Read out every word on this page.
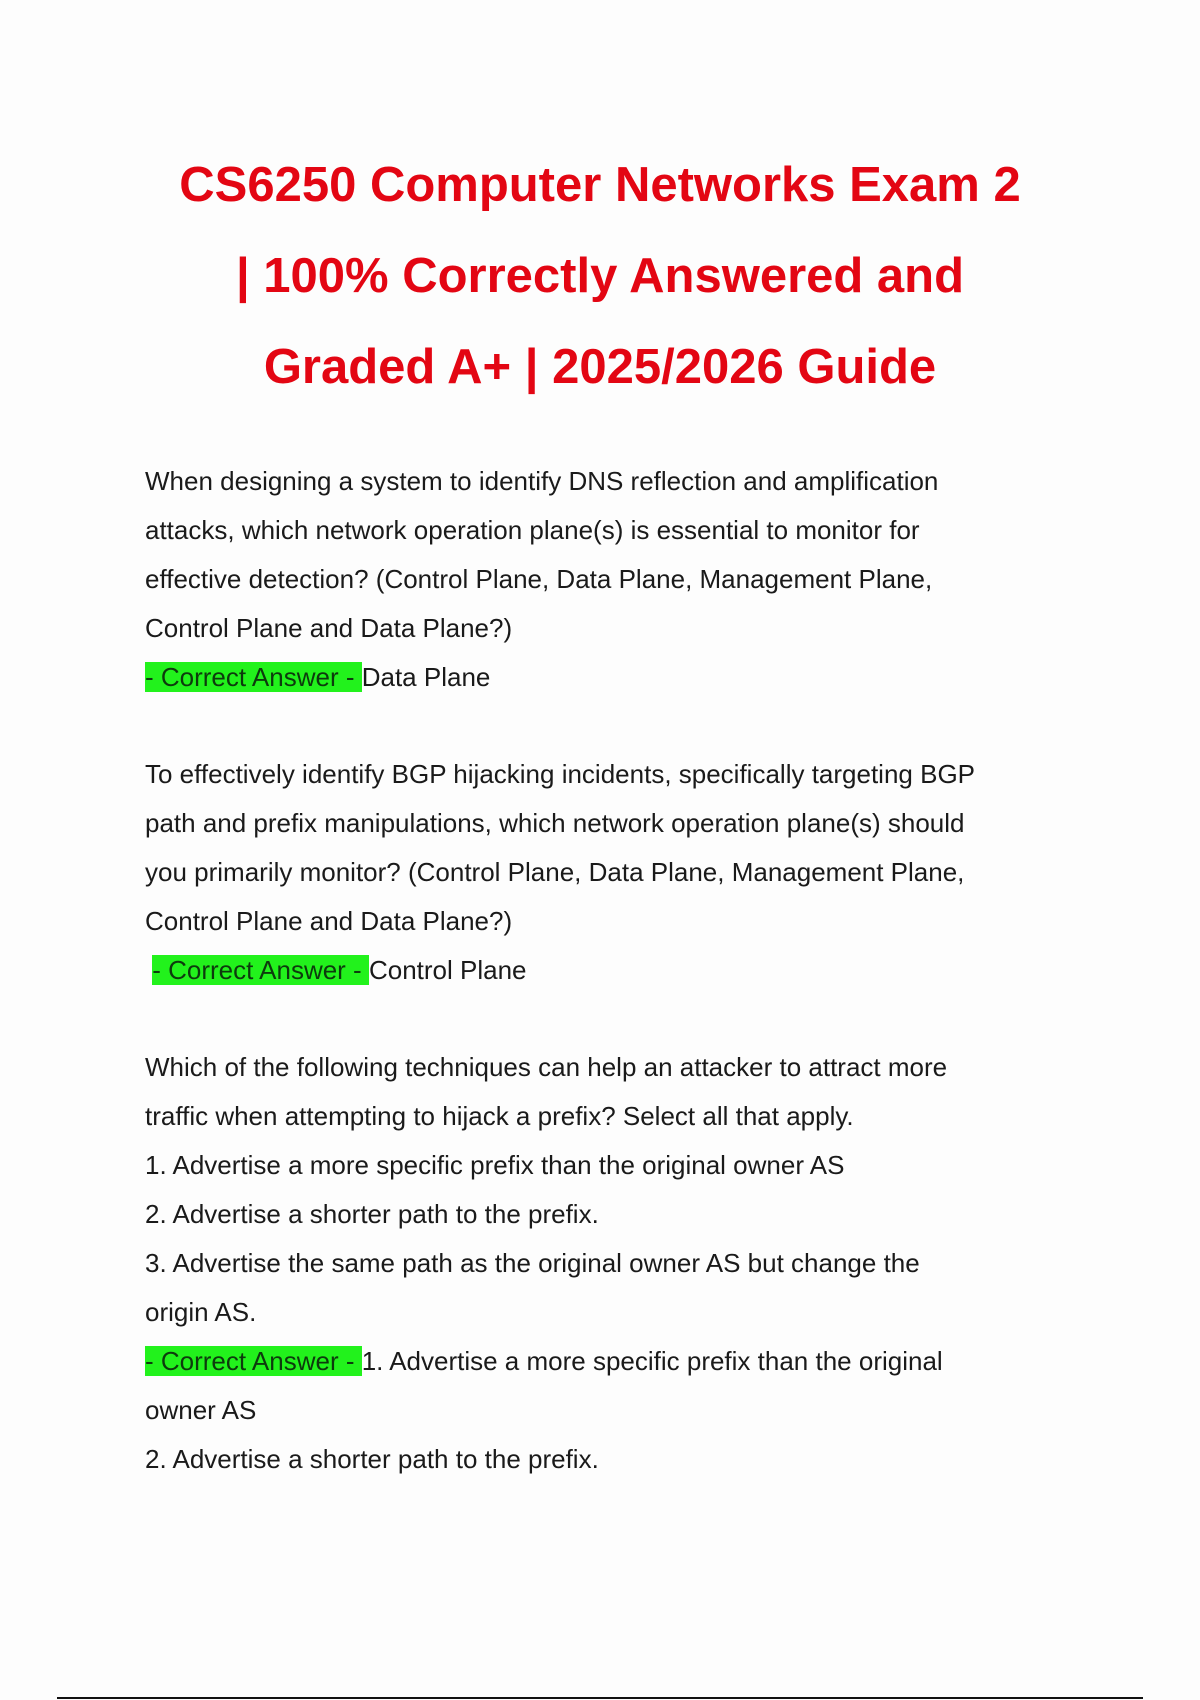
CS6250 Computer Networks Exam 2
| 100% Correctly Answered and
Graded A+ | 2025/2026 Guide
When designing a system to identify DNS reflection and amplification
attacks, which network operation plane(s) is essential to monitor for
effective detection? (Control Plane, Data Plane, Management Plane,
Control Plane and Data Plane?)
- Correct Answer - Data Plane
To effectively identify BGP hijacking incidents, specifically targeting BGP
path and prefix manipulations, which network operation plane(s) should
you primarily monitor? (Control Plane, Data Plane, Management Plane,
Control Plane and Data Plane?)
- Correct Answer - Control Plane
Which of the following techniques can help an attacker to attract more
traffic when attempting to hijack a prefix? Select all that apply.
1. Advertise a more specific prefix than the original owner AS
2. Advertise a shorter path to the prefix.
3. Advertise the same path as the original owner AS but change the
origin AS.
- Correct Answer - 1. Advertise a more specific prefix than the original
owner AS
2. Advertise a shorter path to the prefix.
